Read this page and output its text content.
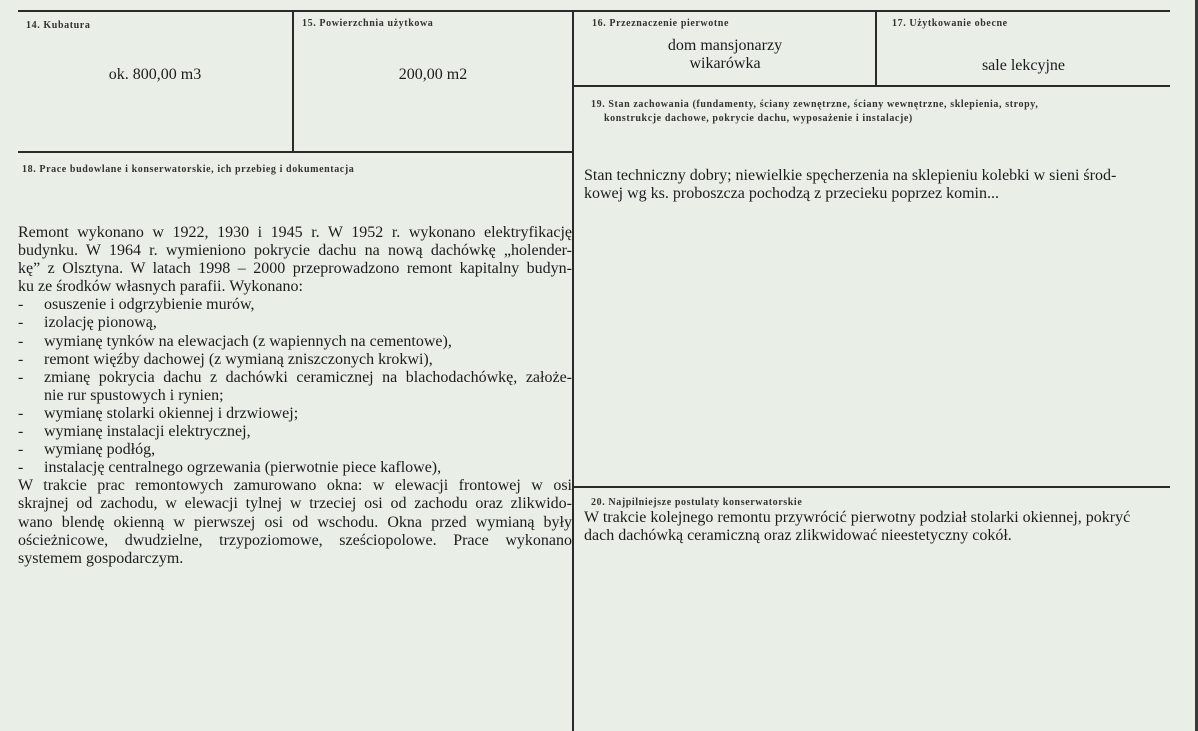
14. Kubatura
ok. 800,00 m3
15. Powierzchnia użytkowa
200,00 m2
16. Przeznaczenie pierwotne
dom mansjonarzy
wikarówka
17. Użytkowanie obecne
sale lekcyjne
19. Stan zachowania (fundamenty, ściany zewnętrzne, ściany wewnętrzne, sklepienia, stropy,
konstrukcje dachowe, pokrycie dachu, wyposażenie i instalacje)
Stan techniczny dobry; niewielkie spęcherzenia na sklepieniu kolebki w sieni środ-
kowej wg ks. proboszcza pochodzą z przecieku poprzez komin...
20. Najpilniejsze postulaty konserwatorskie
W trakcie kolejnego remontu przywrócić pierwotny podział stolarki okiennej, pokryć
dach dachówką ceramiczną oraz zlikwidować nieestetyczny cokół.
18. Prace budowlane i konserwatorskie, ich przebieg i dokumentacja
Remont wykonano w 1922, 1930 i 1945 r. W 1952 r. wykonano elektryfikację
budynku. W 1964 r. wymieniono pokrycie dachu na nową dachówkę „holender-
kę” z Olsztyna. W latach 1998 – 2000 przeprowadzono remont kapitalny budyn-
ku ze środków własnych parafii. Wykonano:
-	osuszenie i odgrzybienie murów,
-	izolację pionową,
-	wymianę tynków na elewacjach (z wapiennych na cementowe),
-	remont więźby dachowej (z wymianą zniszczonych krokwi),
-	zmianę pokrycia dachu z dachówki ceramicznej na blachodachówkę, założe-
nie rur spustowych i rynien;
-	wymianę stolarki okiennej i drzwiowej;
-	wymianę instalacji elektrycznej,
-	wymianę podłóg,
-	instalację centralnego ogrzewania (pierwotnie piece kaflowe),
W trakcie prac remontowych zamurowano okna: w elewacji frontowej w osi
skrajnej od zachodu, w elewacji tylnej w trzeciej osi od zachodu oraz zlikwido-
wano blendę okienną w pierwszej osi od wschodu. Okna przed wymianą były
ościeżnicowe, dwudzielne, trzypoziomowe, sześciopolowe. Prace wykonano
systemem gospodarczym.
